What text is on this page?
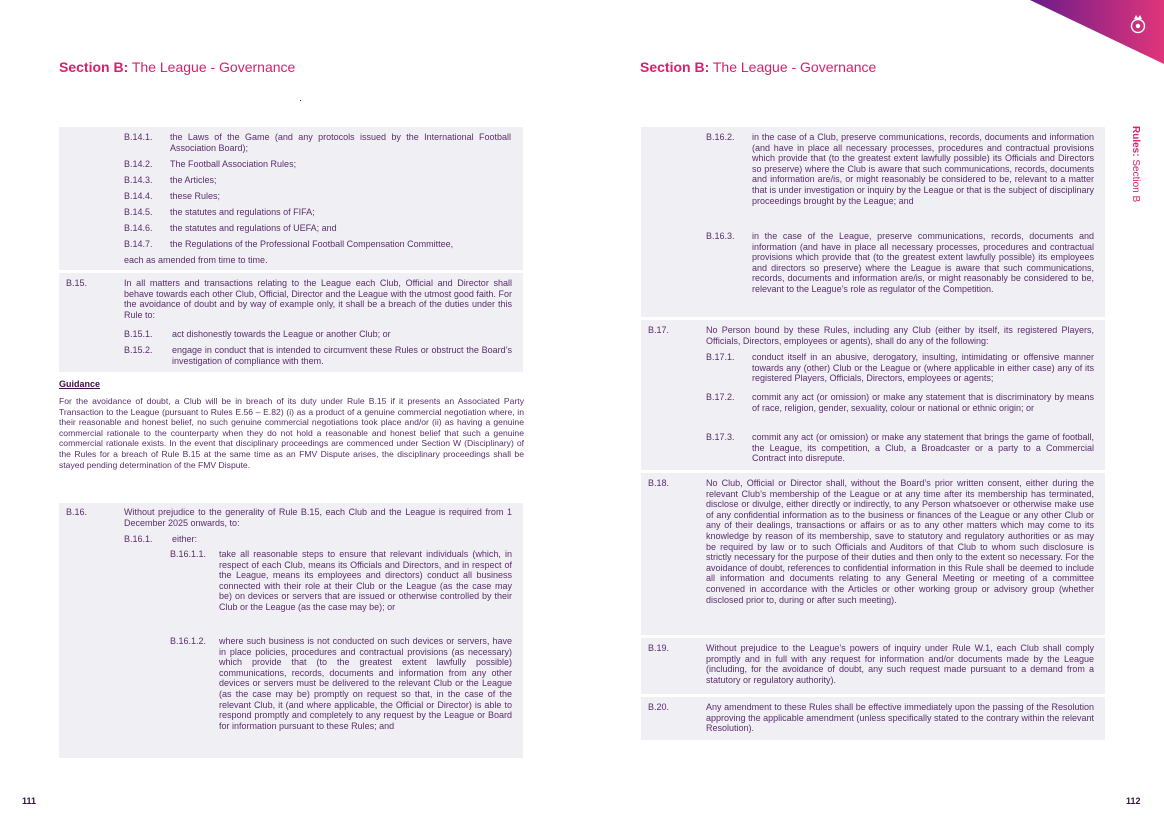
Section B: The League - Governance
Guidance
For the avoidance of doubt, a Club will be in breach of its duty under Rule B.15 if it presents an Associated Party Transaction to the League (pursuant to Rules E.56 – E.82) (i) as a product of a genuine commercial negotiation where, in their reasonable and honest belief, no such genuine commercial negotiations took place and/or (ii) as having a genuine commercial rationale to the counterparty when they do not hold a reasonable and honest belief that such a genuine commercial rationale exists. In the event that disciplinary proceedings are commenced under Section W (Disciplinary) of the Rules for a breach of Rule B.15 at the same time as an FMV Dispute arises, the disciplinary proceedings shall be stayed pending determination of the FMV Dispute.
111
Section B: The League - Governance
112
Rules: Section B
B.14.1. the Laws of the Game (and any protocols issued by the International Football Association Board);
B.14.2. The Football Association Rules;
B.14.3. the Articles;
B.14.4. these Rules;
B.14.5. the statutes and regulations of FIFA;
B.14.6. the statutes and regulations of UEFA; and
B.14.7. the Regulations of the Professional Football Compensation Committee,
each as amended from time to time.
B.15.	In all matters and transactions relating to the League each Club, Official and Director shall behave towards each other Club, Official, Director and the League with the utmost good faith. For the avoidance of doubt and by way of example only, it shall be a breach of the duties under this Rule to:
B.15.1. act dishonestly towards the League or another Club; or
B.15.2. engage in conduct that is intended to circumvent these Rules or obstruct the Board’s investigation of compliance with them.
B.16.	Without prejudice to the generality of Rule B.15, each Club and the League is required from 1 December 2025 onwards, to:
B.16.1. either:
B.16.1.1. take all reasonable steps to ensure that relevant individuals (which, in respect of each Club, means its Officials and Directors, and in respect of the League, means its employees and directors) conduct all business connected with their role at their Club or the League (as the case may be) on devices or servers that are issued or otherwise controlled by their Club or the League (as the case may be); or
B.16.1.2. where such business is not conducted on such devices or servers, have in place policies, procedures and contractual provisions (as necessary) which provide that (to the greatest extent lawfully possible) communications, records, documents and information from any other devices or servers must be delivered to the relevant Club or the League (as the case may be) promptly on request so that, in the case of the relevant Club, it (and where applicable, the Official or Director) is able to respond promptly and completely to any request by the League or Board for information pursuant to these Rules; and
B.16.2. in the case of a Club, preserve communications, records, documents and information (and have in place all necessary processes, procedures and contractual provisions which provide that (to the greatest extent lawfully possible) its Officials and Directors so preserve) where the Club is aware that such communications, records, documents and information are/is, or might reasonably be considered to be, relevant to a matter that is under investigation or inquiry by the League or that is the subject of disciplinary proceedings brought by the League; and
B.16.3. in the case of the League, preserve communications, records, documents and information (and have in place all necessary processes, procedures and contractual provisions which provide that (to the greatest extent lawfully possible) its employees and directors so preserve) where the League is aware that such communications, records, documents and information are/is, or might reasonably be considered to be, relevant to the League’s role as regulator of the Competition.
B.17.	No Person bound by these Rules, including any Club (either by itself, its registered Players, Officials, Directors, employees or agents), shall do any of the following:
B.17.1. conduct itself in an abusive, derogatory, insulting, intimidating or offensive manner towards any (other) Club or the League or (where applicable in either case) any of its registered Players, Officials, Directors, employees or agents;
B.17.2. commit any act (or omission) or make any statement that is discriminatory by means of race, religion, gender, sexuality, colour or national or ethnic origin; or
B.17.3. commit any act (or omission) or make any statement that brings the game of football, the League, its competition, a Club, a Broadcaster or a party to a Commercial Contract into disrepute.
B.18.	No Club, Official or Director shall, without the Board’s prior written consent, either during the relevant Club’s membership of the League or at any time after its membership has terminated, disclose or divulge, either directly or indirectly, to any Person whatsoever or otherwise make use of any confidential information as to the business or finances of the League or any other Club or any of their dealings, transactions or affairs or as to any other matters which may come to its knowledge by reason of its membership, save to statutory and regulatory authorities or as may be required by law or to such Officials and Auditors of that Club to whom such disclosure is strictly necessary for the purpose of their duties and then only to the extent so necessary. For the avoidance of doubt, references to confidential information in this Rule shall be deemed to include all information and documents relating to any General Meeting or meeting of a committee convened in accordance with the Articles or other working group or advisory group (whether disclosed prior to, during or after such meeting).
B.19.	Without prejudice to the League’s powers of inquiry under Rule W.1, each Club shall comply promptly and in full with any request for information and/or documents made by the League (including, for the avoidance of doubt, any such request made pursuant to a demand from a statutory or regulatory authority).
B.20.	Any amendment to these Rules shall be effective immediately upon the passing of the Resolution approving the applicable amendment (unless specifically stated to the contrary within the relevant Resolution).
